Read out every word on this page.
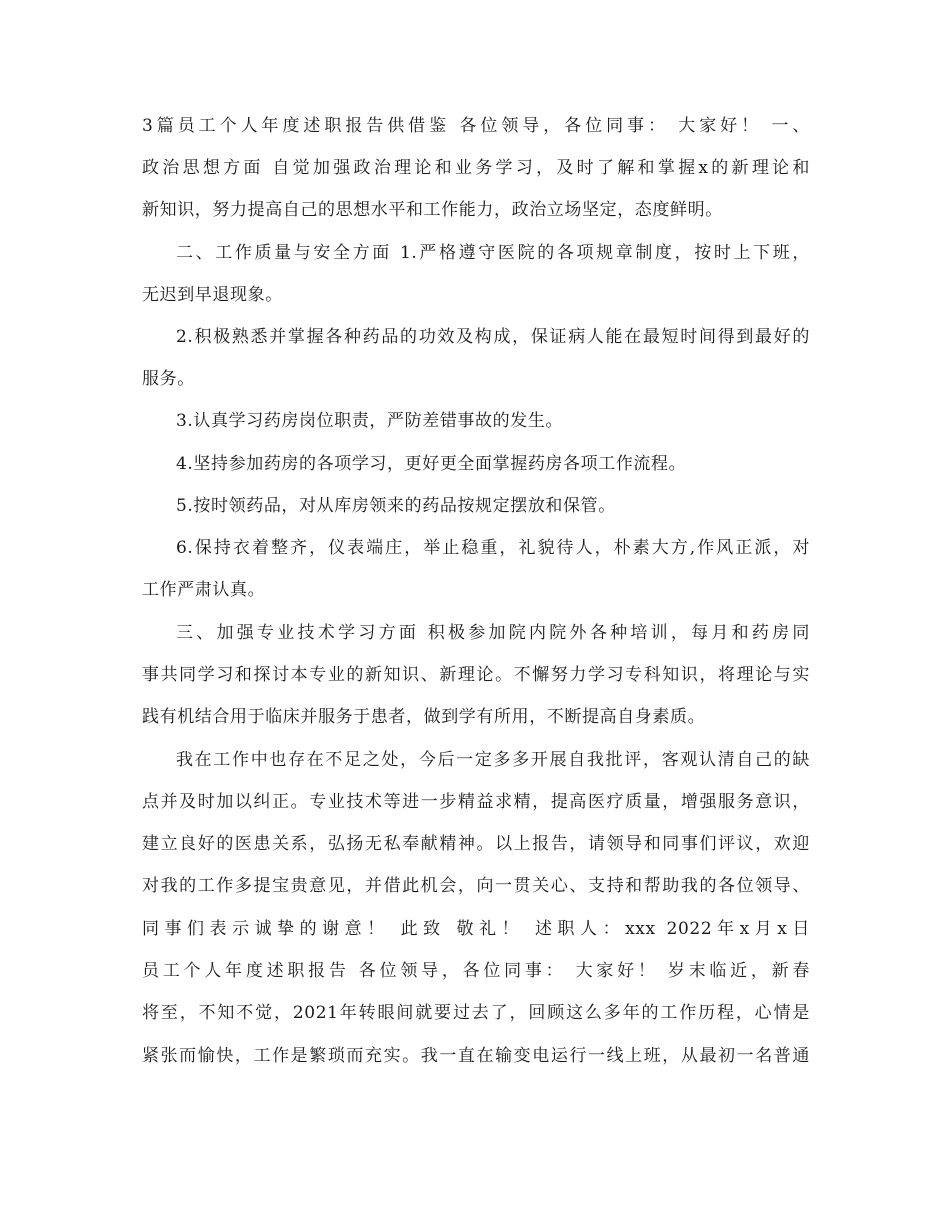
3篇员工个人年度述职报告供借鉴 各位领导，各位同事： 大家好！ 一、
政治思想方面 自觉加强政治理论和业务学习，及时了解和掌握x的新理论和
新知识，努力提高自己的思想水平和工作能力，政治立场坚定，态度鲜明。
二、工作质量与安全方面 1.严格遵守医院的各项规章制度，按时上下班，
无迟到早退现象。
2.积极熟悉并掌握各种药品的功效及构成，保证病人能在最短时间得到最好的
服务。
3.认真学习药房岗位职责，严防差错事故的发生。
4.坚持参加药房的各项学习，更好更全面掌握药房各项工作流程。
5.按时领药品，对从库房领来的药品按规定摆放和保管。
6.保持衣着整齐，仪表端庄，举止稳重，礼貌待人，朴素大方,作风正派，对
工作严肃认真。
三、加强专业技术学习方面 积极参加院内院外各种培训，每月和药房同
事共同学习和探讨本专业的新知识、新理论。不懈努力学习专科知识，将理论与实
践有机结合用于临床并服务于患者，做到学有所用，不断提高自身素质。
我在工作中也存在不足之处，今后一定多多开展自我批评，客观认清自己的缺
点并及时加以纠正。专业技术等进一步精益求精，提高医疗质量，增强服务意识，
建立良好的医患关系，弘扬无私奉献精神。以上报告，请领导和同事们评议，欢迎
对我的工作多提宝贵意见，并借此机会，向一贯关心、支持和帮助我的各位领导、
同事们表示诚挚的谢意！ 此致 敬礼！ 述职人：xxx 2022年x月x日
员工个人年度述职报告 各位领导，各位同事： 大家好！ 岁末临近，新春
将至，不知不觉，2021年转眼间就要过去了，回顾这么多年的工作历程，心情是
紧张而愉快，工作是繁琐而充实。我一直在输变电运行一线上班，从最初一名普通
